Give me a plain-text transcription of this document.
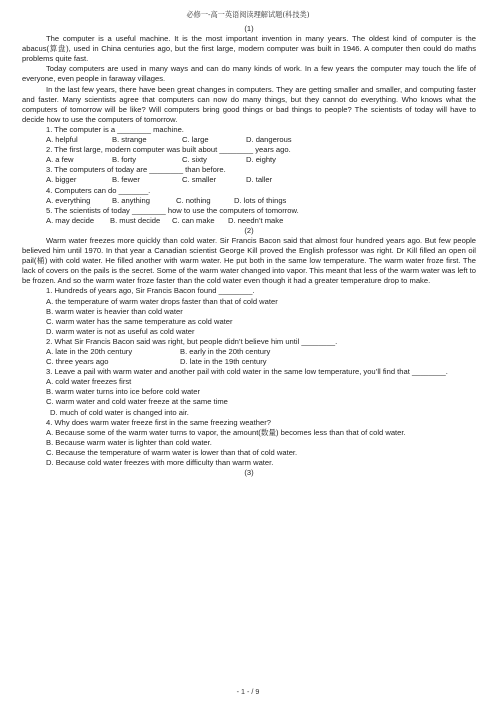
必修一-高一英语阅读理解试题(科技类)
(1)
The computer is a useful machine. It is the most important invention in many years. The oldest kind of computer is the abacus(算盘), used in China centuries ago, but the first large, modern computer was built in 1946. A computer then could do maths problems quite fast.
Today computers are used in many ways and can do many kinds of work. In a few years the computer may touch the life of everyone, even people in faraway villages.
In the last few years, there have been great changes in computers. They are getting smaller and smaller, and computing faster and faster. Many scientists agree that computers can now do many things, but they cannot do everything. Who knows what the computers of tomorrow will be like? Will computers bring good things or bad things to people? The scientists of today will have to decide how to use the computers of tomorrow.
1. The computer is a ________ machine.
A. helpful	B. strange	C. large	D. dangerous
2. The first large, modern computer was built about ________ years ago.
A. a few	B. forty	C. sixty	D. eighty
3. The computers of today are ________ than before.
A. bigger	B. fewer	C. smaller	D. taller
4. Computers can do _______.
A. everything	B. anything	C. nothing	D. lots of things
5. The scientists of today ________ how to use the computers of tomorrow.
A. may decide B. must decide C. can make D. needn’t make
(2)
Warm water freezes more quickly than cold water. Sir Francis Bacon said that almost four hundred years ago. But few people believed him until 1970. In that year a Canadian scientist George Kill proved the English professor was right. Dr Kill filled an open oil pail(桶) with cold water. He filled another with warm water. He put both in the same low temperature. The warm water froze first. The lack of covers on the pails is the secret. Some of the warm water changed into vapor. This meant that less of the warm water was left to be frozen. And so the warm water froze faster than the cold water even though it had a greater temperature drop to make.
1. Hundreds of years ago, Sir Francis Bacon found ________.
A. the temperature of warm water drops faster than that of cold water
B. warm water is heavier than cold water
C. warm water has the same temperature as cold water
D. warm water is not as useful as cold water
2. What Sir Francis Bacon said was right, but people didn’t believe him until ________.
A. late in the 20th century	B. early in the 20th century
C. three years ago	D. late in the 19th century
3. Leave a pail with warm water and another pail with cold water in the same low temperature, you’ll find that ________.
A. cold water freezes first
B. warm water turns into ice before cold water
C. warm water and cold water freeze at the same time
D. much of cold water is changed into air.
4. Why does warm water freeze first in the same freezing weather?
A. Because some of the warm water turns to vapor, the amount(数量) becomes less than that of cold water.
B. Because warm water is lighter than cold water.
C. Because the temperature of warm water is lower than that of cold water.
D. Because cold water freezes with more difficulty than warm water.
(3)
- 1 - / 9
